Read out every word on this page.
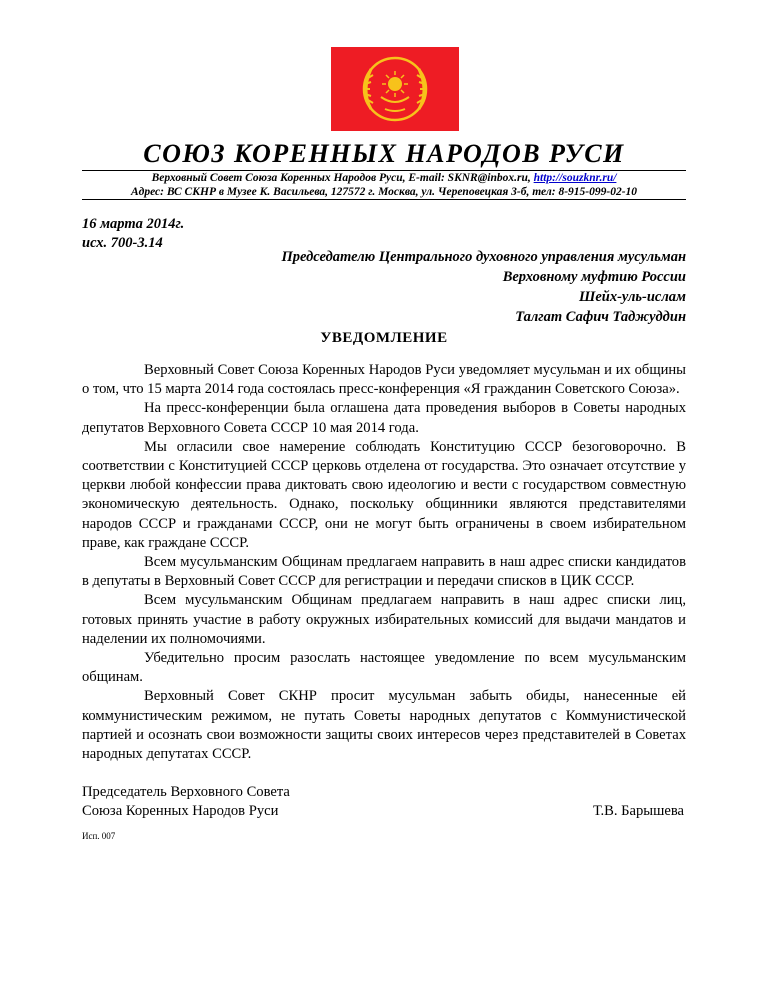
СОЮЗ КОРЕННЫХ НАРОДОВ РУСИ
Верховный Совет Союза Коренных Народов Руси, E-mail: SKNR@inbox.ru, http://souzknr.ru/
Адрес: ВС СКНР в Музее К. Васильева, 127572 г. Москва, ул. Череповецкая 3-б, тел: 8-915-099-02-10
16 марта 2014г.
исх. 700-3.14
Председателю Центрального духовного управления мусульман
Верховному муфтию России
Шейх-уль-ислам
Талгат Сафич Таджуддин
УВЕДОМЛЕНИЕ

Верховный Совет Союза Коренных Народов Руси уведомляет мусульман и их общины о том, что 15 марта 2014 года состоялась пресс-конференция «Я гражданин Советского Союза».

На пресс-конференции была оглашена дата проведения выборов в Советы народных депутатов Верховного Совета СССР 10 мая 2014 года.

Мы огласили свое намерение соблюдать Конституцию СССР безоговорочно. В соответствии с Конституцией СССР церковь отделена от государства. Это означает отсутствие у церкви любой конфессии права диктовать свою идеологию и вести с государством совместную экономическую деятельность. Однако, поскольку общинники являются представителями народов СССР и гражданами СССР, они не могут быть ограничены в своем избирательном праве, как граждане СССР.

Всем мусульманским Общинам предлагаем направить в наш адрес списки кандидатов в депутаты в Верховный Совет СССР для регистрации и передачи списков в ЦИК СССР.

Всем мусульманским Общинам предлагаем направить в наш адрес списки лиц, готовых принять участие в работу окружных избирательных комиссий для выдачи мандатов и наделении их полномочиями.

Убедительно просим разослать настоящее уведомление по всем мусульманским общинам.

Верховный Совет СКНР просит мусульман забыть обиды, нанесенные ей коммунистическим режимом, не путать Советы народных депутатов с Коммунистической партией и осознать свои возможности защиты своих интересов через представителей в Советах народных депутатах СССР.

Председатель Верховного Совета
Союза Коренных Народов Руси	Т.В. Барышева
Исп. 007
